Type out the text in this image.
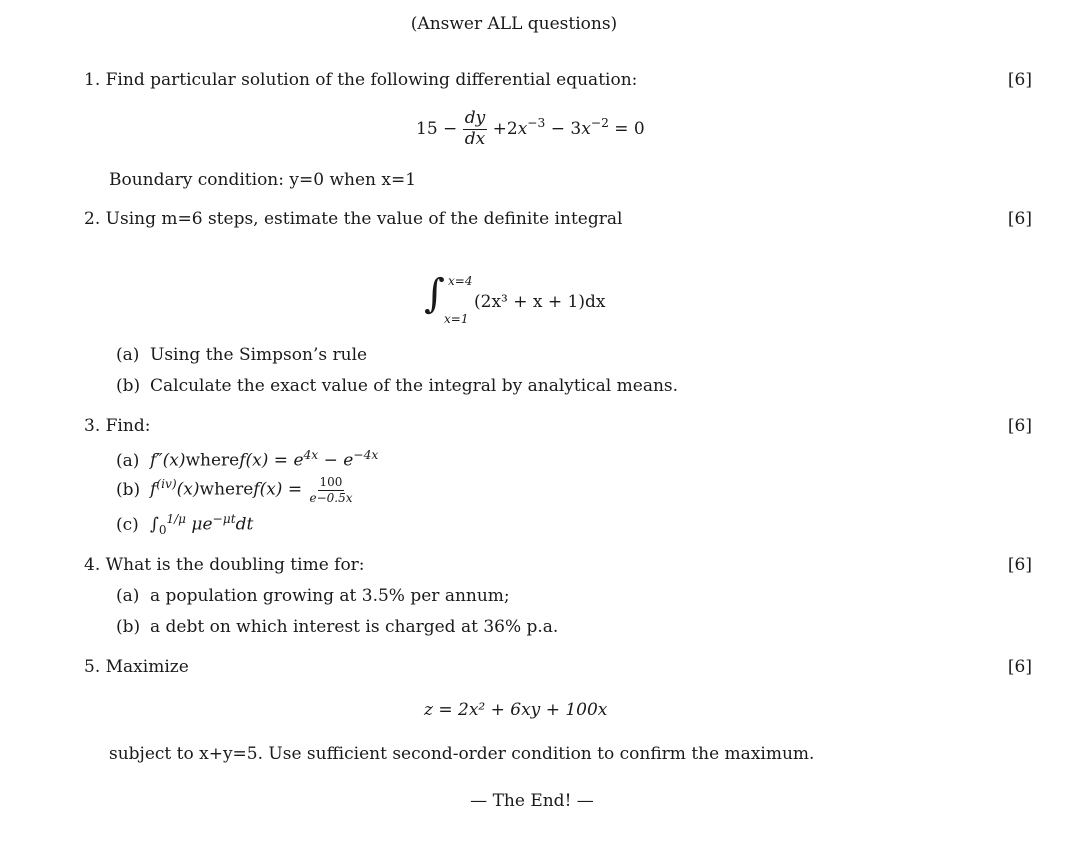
(Answer ALL questions)
1. Find particular solution of the following differential equation:	[6]
$15 - \frac{dy}{dx} +2x^{-3} - 3x^{-2} = 0$
Boundary condition: y=0 when x=1
2. Using m=6 steps, estimate the value of the definite integral	[6]
∫ x=4
x=1
(2x³ + x + 1)dx
(a) Using the Simpson’s rule
(b) Calculate the exact value of the integral by analytical means.
3. Find:	[6]
(a) f″(x)wheref(x) = $e^{4x} - e^{-4x}$
(b) $f^{(iv)}(x)wheref(x) = \frac{100}{e-0.5x}$
(c) $\int_0^{1/\mu}$ $\mu e^{-\mu t}dt$
4. What is the doubling time for:	[6]
(a) a population growing at 3.5% per annum;
(b) a debt on which interest is charged at 36% p.a.
5. Maximize	[6]
z = 2x² + 6xy + 100x
subject to x+y=5. Use sufficient second-order condition to confirm the maximum.
— The End! —
